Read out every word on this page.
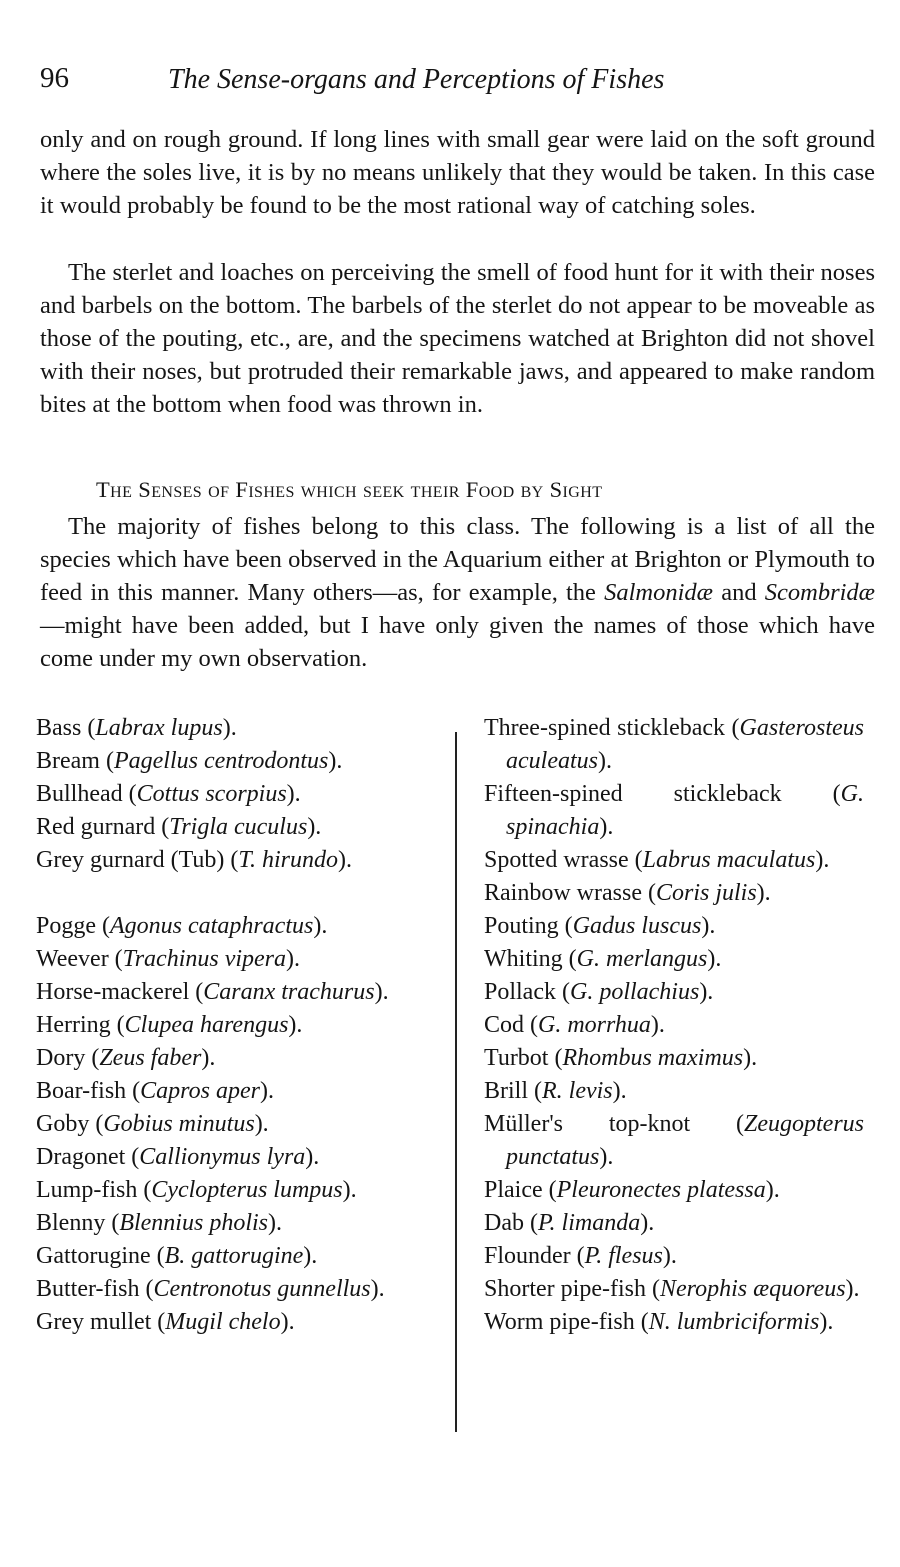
96	The Sense-organs and Perceptions of Fishes

only and on rough ground. If long lines with small gear were laid on the soft ground where the soles live, it is by no means unlikely that they would be taken. In this case it would probably be found to be the most rational way of catching soles.

The sterlet and loaches on perceiving the smell of food hunt for it with their noses and barbels on the bottom. The barbels of the sterlet do not appear to be moveable as those of the pouting, etc., are, and the specimens watched at Brighton did not shovel with their noses, but protruded their remarkable jaws, and appeared to make random bites at the bottom when food was thrown in.

The Senses of Fishes which seek their Food by Sight

The majority of fishes belong to this class. The following is a list of all the species which have been observed in the Aquarium either at Brighton or Plymouth to feed in this manner. Many others—as, for example, the Salmonidæ and Scombridæ—might have been added, but I have only given the names of those which have come under my own observation.

Bass (Labrax lupus).
Bream (Pagellus centrodontus).
Bullhead (Cottus scorpius).
Red gurnard (Trigla cuculus).
Grey gurnard (Tub) (T. hirundo).
Pogge (Agonus cataphractus).
Weever (Trachinus vipera).
Horse-mackerel (Caranx trachurus).
Herring (Clupea harengus).
Dory (Zeus faber).
Boar-fish (Capros aper).
Goby (Gobius minutus).
Dragonet (Callionymus lyra).
Lump-fish (Cyclopterus lumpus).
Blenny (Blennius pholis).
Gattorugine (B. gattorugine).
Butter-fish (Centronotus gunnellus).
Grey mullet (Mugil chelo).
Three-spined stickleback (Gasterosteus aculeatus).
Fifteen-spined stickleback (G. spinachia).
Spotted wrasse (Labrus maculatus).
Rainbow wrasse (Coris julis).
Pouting (Gadus luscus).
Whiting (G. merlangus).
Pollack (G. pollachius).
Cod (G. morrhua).
Turbot (Rhombus maximus).
Brill (R. levis).
Müller's top-knot (Zeugopterus punctatus).
Plaice (Pleuronectes platessa).
Dab (P. limanda).
Flounder (P. flesus).
Shorter pipe-fish (Nerophis æquoreus).
Worm pipe-fish (N. lumbriciformis).
